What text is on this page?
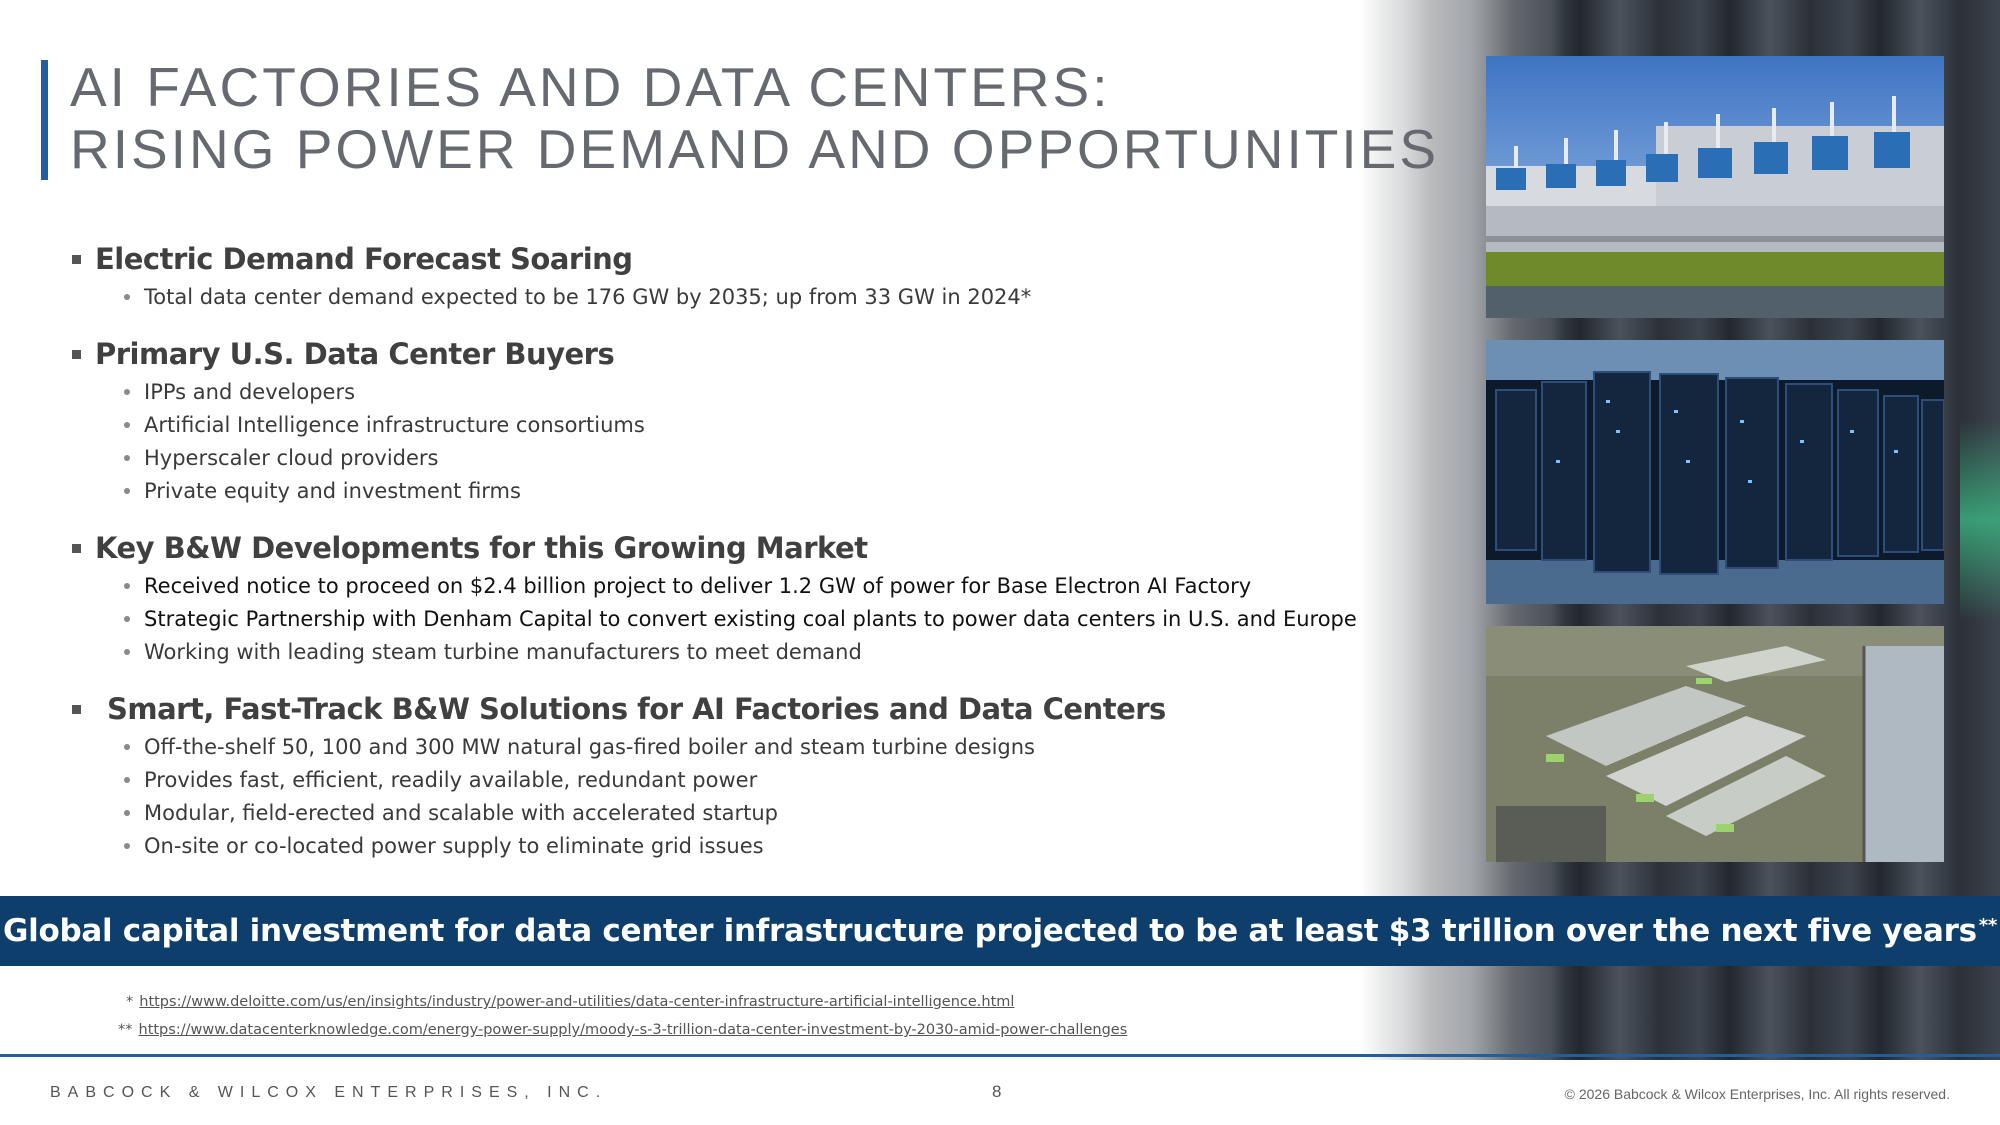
AI FACTORIES AND DATA CENTERS:
RISING POWER DEMAND AND OPPORTUNITIES
Electric Demand Forecast Soaring
Total data center demand expected to be 176 GW by 2035; up from 33 GW in 2024*
Primary U.S. Data Center Buyers
IPPs and developers
Artificial Intelligence infrastructure consortiums
Hyperscaler cloud providers
Private equity and investment firms
Key B&W Developments for this Growing Market
Received notice to proceed on $2.4 billion project to deliver 1.2 GW of power for Base Electron AI Factory
Strategic Partnership with Denham Capital to convert existing coal plants to power data centers in U.S. and Europe
Working with leading steam turbine manufacturers to meet demand
Smart, Fast-Track B&W Solutions for AI Factories and Data Centers
Off-the-shelf 50, 100 and 300 MW natural gas-fired boiler and steam turbine designs
Provides fast, efficient, readily available, redundant power
Modular, field-erected and scalable with accelerated startup
On-site or co-located power supply to eliminate grid issues
Global capital investment for data center infrastructure projected to be at least $3 trillion over the next five years**
* https://www.deloitte.com/us/en/insights/industry/power-and-utilities/data-center-infrastructure-artificial-intelligence.html
** https://www.datacenterknowledge.com/energy-power-supply/moody-s-3-trillion-data-center-investment-by-2030-amid-power-challenges
BABCOCK & WILCOX ENTERPRISES, INC.	8	© 2026 Babcock & Wilcox Enterprises, Inc. All rights reserved.
